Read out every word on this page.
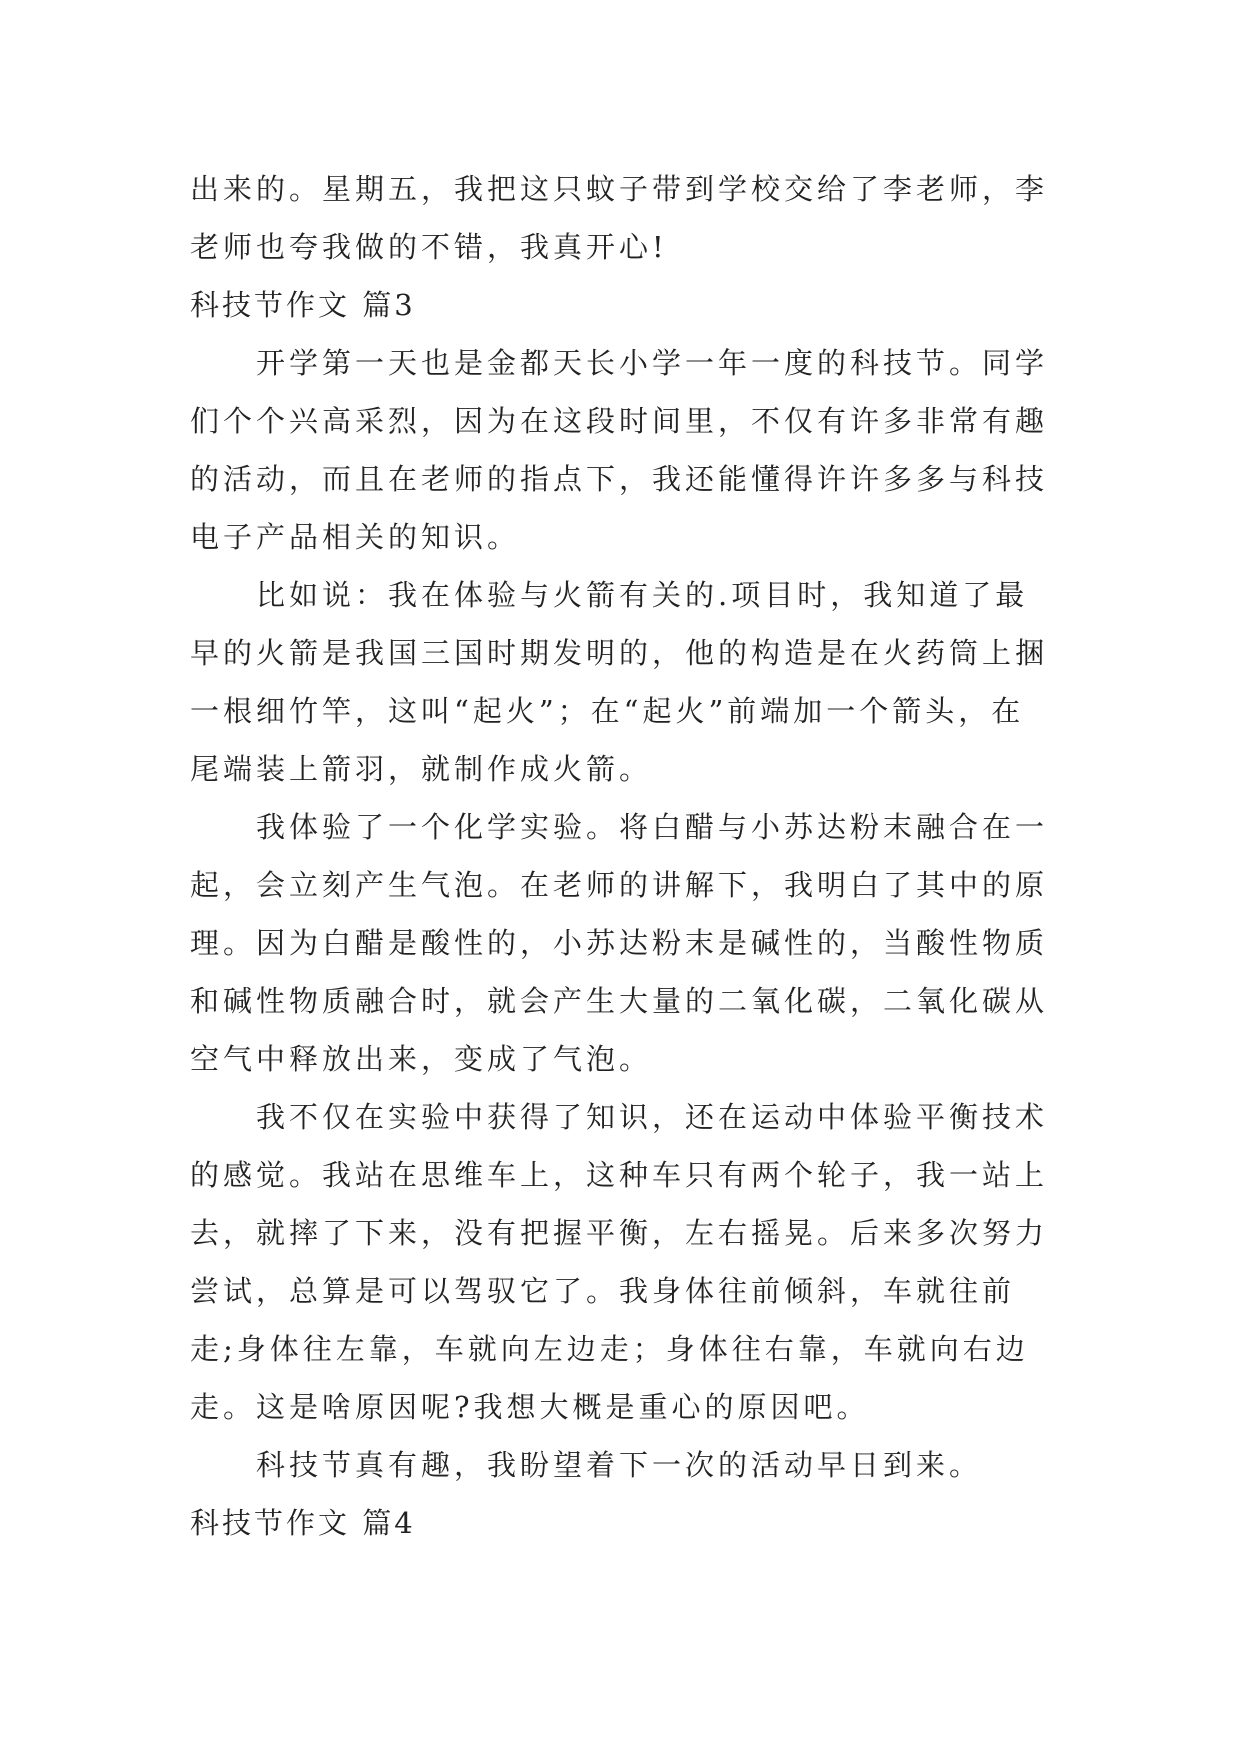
出来的。星期五，我把这只蚊子带到学校交给了李老师，李老师也夸我做的不错，我真开心!

科技节作文 篇3

开学第一天也是金都天长小学一年一度的科技节。同学们个个兴高采烈，因为在这段时间里，不仅有许多非常有趣的活动，而且在老师的指点下，我还能懂得许许多多与科技电子产品相关的知识。

比如说：我在体验与火箭有关的.项目时，我知道了最早的火箭是我国三国时期发明的，他的构造是在火药筒上捆一根细竹竿，这叫“起火”；在“起火”前端加一个箭头，在尾端装上箭羽，就制作成火箭。

我体验了一个化学实验。将白醋与小苏达粉末融合在一起，会立刻产生气泡。在老师的讲解下，我明白了其中的原理。因为白醋是酸性的，小苏达粉末是碱性的，当酸性物质和碱性物质融合时，就会产生大量的二氧化碳，二氧化碳从空气中释放出来，变成了气泡。

我不仅在实验中获得了知识，还在运动中体验平衡技术的感觉。我站在思维车上，这种车只有两个轮子，我一站上去，就摔了下来，没有把握平衡，左右摇晃。后来多次努力尝试，总算是可以驾驭它了。我身体往前倾斜，车就往前走;身体往左靠，车就向左边走；身体往右靠，车就向右边走。这是啥原因呢?我想大概是重心的原因吧。

科技节真有趣，我盼望着下一次的活动早日到来。

科技节作文 篇4
